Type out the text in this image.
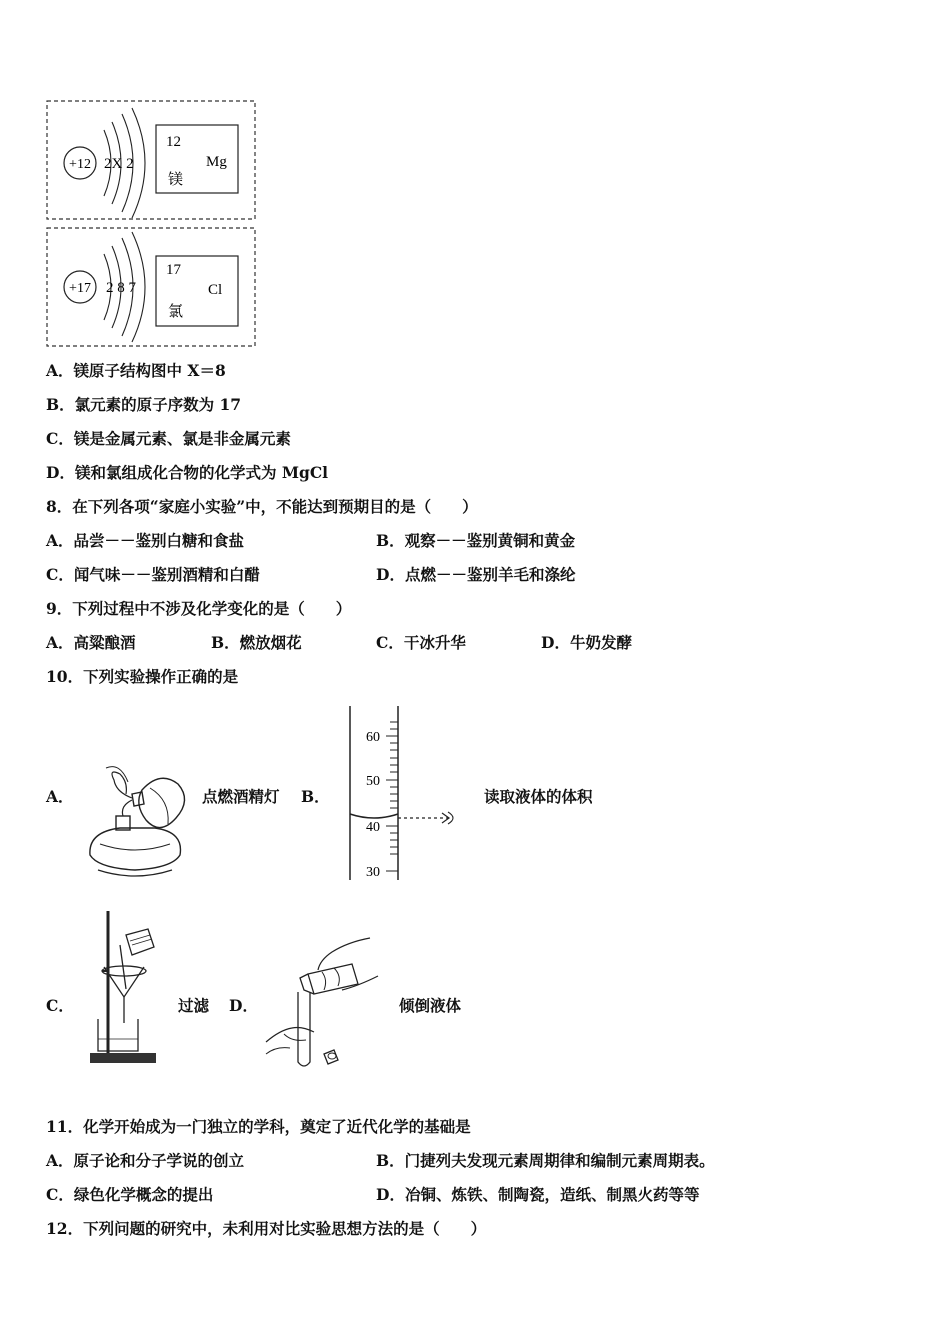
+12 2X 2
12
Mg
镁
+17 2 8 7
17
Cl
氯
A．镁原子结构图中 X＝8
B．氯元素的原子序数为 17
C．镁是金属元素、氯是非金属元素
D．镁和氯组成化合物的化学式为 MgCl
8．在下列各项“家庭小实验”中，不能达到预期目的是（　　）
A．品尝－－鉴别白糖和食盐	B．观察－－鉴别黄铜和黄金
C．闻气味－－鉴别酒精和白醋	D．点燃－－鉴别羊毛和涤纶
9．下列过程中不涉及化学变化的是（　　）
A．高粱酿酒	B．燃放烟花	C．干冰升华	D．牛奶发酵
10．下列实验操作正确的是
A．	点燃酒精灯 B．
60
50
40
30
读取液体的体积
C．	过滤 D．	倾倒液体
11．化学开始成为一门独立的学科，奠定了近代化学的基础是
A．原子论和分子学说的创立	B．门捷列夫发现元素周期律和编制元素周期表。
C．绿色化学概念的提出	D．冶铜、炼铁、制陶瓷，造纸、制黑火药等等
12．下列问题的研究中，未利用对比实验思想方法的是（　　）
